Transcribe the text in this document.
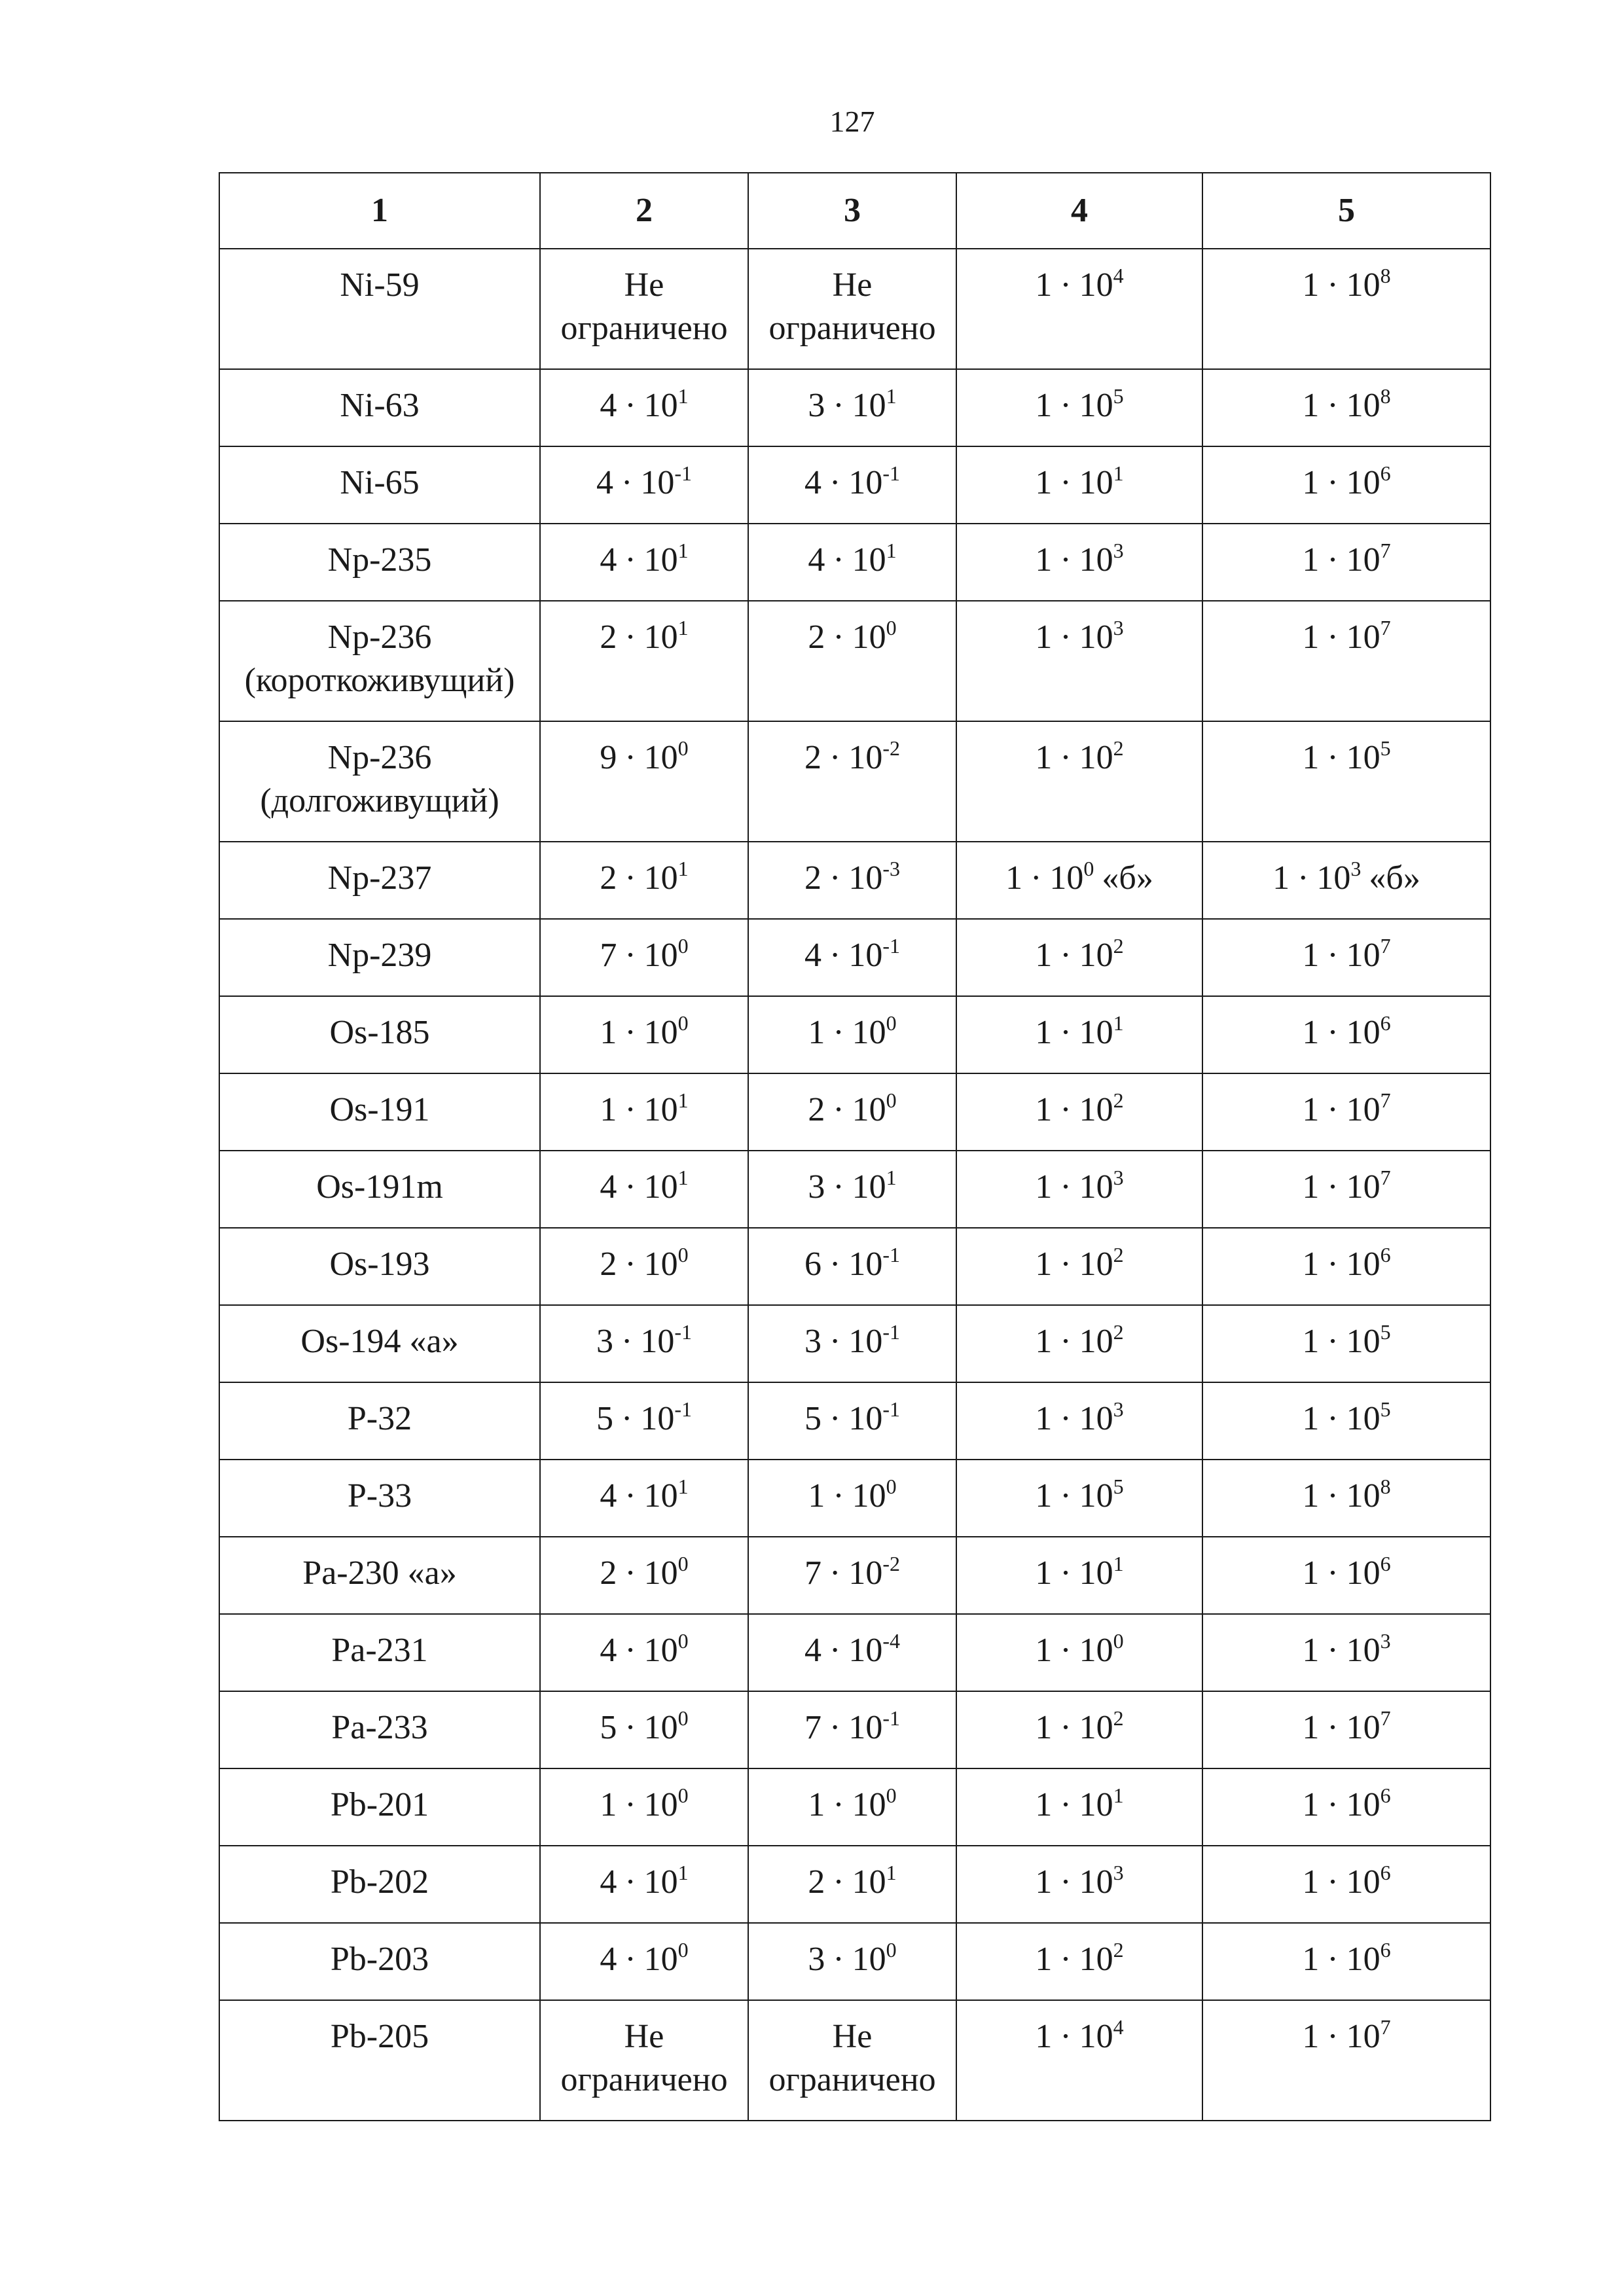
127
1	2	3	4	5
Ni-59	Не ограничено	Не ограничено	$1 \cdot 10^4$	$1 \cdot 10^8$
Ni-63	$4 \cdot 10^1$	$3 \cdot 10^1$	$1 \cdot 10^5$	$1 \cdot 10^8$
Ni-65	$4 \cdot 10^{-1}$	$4 \cdot 10^{-1}$	$1 \cdot 10^1$	$1 \cdot 10^6$
Np-235	$4 \cdot 10^1$	$4 \cdot 10^1$	$1 \cdot 10^3$	$1 \cdot 10^7$
Np-236 (короткоживущий)	$2 \cdot 10^1$	$2 \cdot 10^0$	$1 \cdot 10^3$	$1 \cdot 10^7$
Np-236 (долгоживущий)	$9 \cdot 10^0$	$2 \cdot 10^{-2}$	$1 \cdot 10^2$	$1 \cdot 10^5$
Np-237	$2 \cdot 10^1$	$2 \cdot 10^{-3}$	$1 \cdot 10^0$ «б»	$1 \cdot 10^3$ «б»
Np-239	$7 \cdot 10^0$	$4 \cdot 10^{-1}$	$1 \cdot 10^2$	$1 \cdot 10^7$
Os-185	$1 \cdot 10^0$	$1 \cdot 10^0$	$1 \cdot 10^1$	$1 \cdot 10^6$
Os-191	$1 \cdot 10^1$	$2 \cdot 10^0$	$1 \cdot 10^2$	$1 \cdot 10^7$
Os-191m	$4 \cdot 10^1$	$3 \cdot 10^1$	$1 \cdot 10^3$	$1 \cdot 10^7$
Os-193	$2 \cdot 10^0$	$6 \cdot 10^{-1}$	$1 \cdot 10^2$	$1 \cdot 10^6$
Os-194 «а»	$3 \cdot 10^{-1}$	$3 \cdot 10^{-1}$	$1 \cdot 10^2$	$1 \cdot 10^5$
P-32	$5 \cdot 10^{-1}$	$5 \cdot 10^{-1}$	$1 \cdot 10^3$	$1 \cdot 10^5$
P-33	$4 \cdot 10^1$	$1 \cdot 10^0$	$1 \cdot 10^5$	$1 \cdot 10^8$
Pa-230 «а»	$2 \cdot 10^0$	$7 \cdot 10^{-2}$	$1 \cdot 10^1$	$1 \cdot 10^6$
Pa-231	$4 \cdot 10^0$	$4 \cdot 10^{-4}$	$1 \cdot 10^0$	$1 \cdot 10^3$
Pa-233	$5 \cdot 10^0$	$7 \cdot 10^{-1}$	$1 \cdot 10^2$	$1 \cdot 10^7$
Pb-201	$1 \cdot 10^0$	$1 \cdot 10^0$	$1 \cdot 10^1$	$1 \cdot 10^6$
Pb-202	$4 \cdot 10^1$	$2 \cdot 10^1$	$1 \cdot 10^3$	$1 \cdot 10^6$
Pb-203	$4 \cdot 10^0$	$3 \cdot 10^0$	$1 \cdot 10^2$	$1 \cdot 10^6$
Pb-205	Не ограничено	Не ограничено	$1 \cdot 10^4$	$1 \cdot 10^7$
